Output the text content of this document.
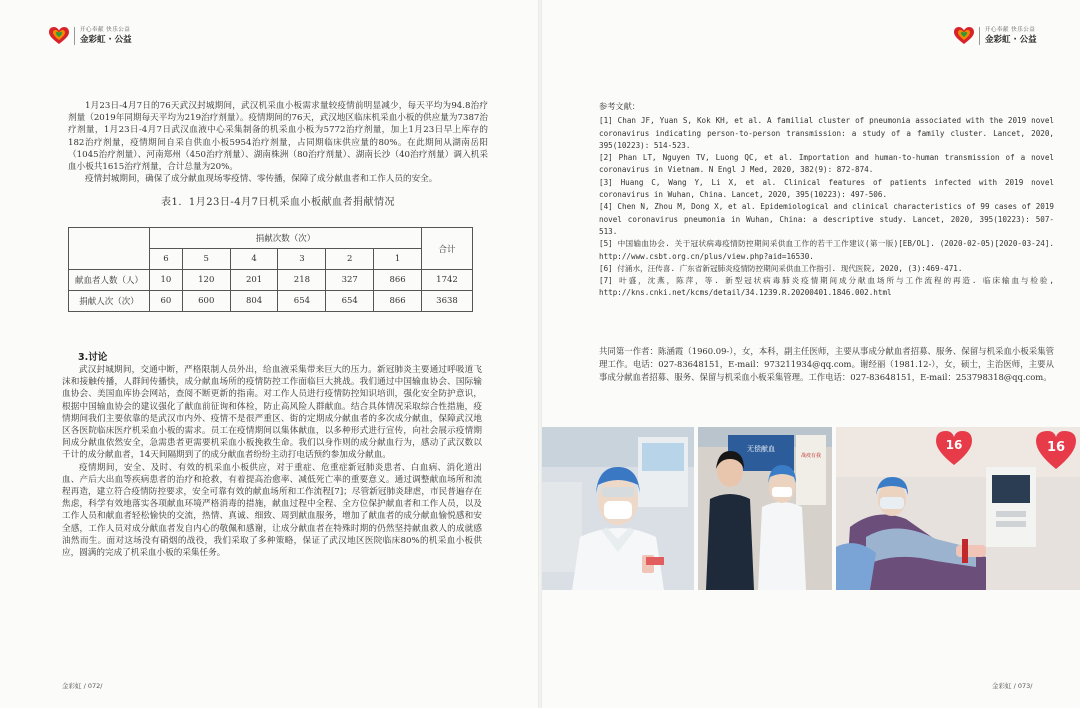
开心奉献 快乐公益
金彩虹 · 公益

1月23日-4月7日的76天武汉封城期间，武汉机采血小板需求量较疫情前明显减少，每天平均为94.8治疗剂量（2019年同期每天平均为219治疗剂量）。疫情期间的76天，武汉地区临床机采血小板的供应量为7387治疗剂量，1月23日-4月7日武汉血液中心采集制备的机采血小板为5772治疗剂量，加上1月23日早上库存的182治疗剂量，疫情期间自采自供血小板5954治疗剂量，占同期临床供应量的80%。在此期间从湖南岳阳（1045治疗剂量）、河南郑州（450治疗剂量）、湖南株洲（80治疗剂量）、湖南长沙（40治疗剂量）调入机采血小板共1615治疗剂量，合计总量为20%。

疫情封城期间，确保了成分献血现场零疫情、零传播，保障了成分献血者和工作人员的安全。

表1．1月23日-4月7日机采血小板献血者捐献情况
	捐献次数（次）						合计
	6	5	4	3	2	1	
献血者人数（人）	10	120	201	218	327	866	1742
捐献人次（次）	60	600	804	654	654	866	3638
3.讨论

武汉封城期间，交通中断，严格限制人员外出，给血液采集带来巨大的压力。新冠肺炎主要通过呼吸道飞沫和接触传播，人群间传播快，成分献血场所的疫情防控工作面临巨大挑战。我们通过中国输血协会、国际输血协会、美国血库协会网站，查阅不断更新的指南。对工作人员进行疫情防控知识培训，强化安全防护意识，根据中国输血协会的建议强化了献血前征询和体检，防止高风险人群献血。结合具体情况采取综合性措施，疫情期间我们主要依靠的是武汉市内外、疫情不是很严重区、街的定期成分献血者的多次成分献血，保障武汉地区各医院临床医疗机采血小板的需求。员工在疫情期间以集体献血，以多种形式进行宣传，向社会展示疫情期间成分献血依然安全，急需患者更需要机采血小板挽救生命。我们以身作则的成分献血行为，感动了武汉数以千计的成分献血者，14天间隔期到了的成分献血者纷纷主动打电话预约参加成分献血。

疫情期间，安全、及时、有效的机采血小板供应，对于重症、危重症新冠肺炎患者、白血病、消化道出血、产后大出血等疾病患者的治疗和抢救，有着提高治愈率、减低死亡率的重要意义。通过调整献血场所和流程再造，建立符合疫情防控要求，安全可靠有效的献血场所和工作流程[7]；尽管新冠肺炎肆虐，市民普遍存在焦虑，科学有效地落实各项献血环境严格消毒的措施，献血过程中全程、全方位保护献血者和工作人员，以及工作人员和献血者轻松愉快的交流，热情、真诚、细致、周到献血服务，增加了献血者的成分献血愉悦感和安全感，工作人员对成分献血者发自内心的敬佩和感谢，让成分献血者在特殊时期的仍然坚持献血救人的成就感油然而生。面对这场没有硝烟的战役，我们采取了多种策略，保证了武汉地区医院临床80%的机采血小板供应，圆满的完成了机采血小板的采集任务。

金彩虹 / 072/
开心奉献 快乐公益
金彩虹 · 公益
参考文献：

[1] Chan JF, Yuan S, Kok KH, et al. A familial cluster of pneumonia associated with the 2019 novel coronavirus indicating person-to-person transmission: a study of a family cluster. Lancet, 2020, 395(10223): 514-523.

[2] Phan LT, Nguyen TV, Luong QC, et al. Importation and human-to-human transmission of a novel coronavirus in Vietnam. N Engl J Med, 2020, 382(9): 872-874.

[3] Huang C, Wang Y, Li X, et al. Clinical features of patients infected with 2019 novel coronavirus in Wuhan, China. Lancet, 2020, 395(10223): 497-506.

[4] Chen N, Zhou M, Dong X, et al. Epidemiological and clinical characteristics of 99 cases of 2019 novel coronavirus pneumonia in Wuhan, China: a descriptive study. Lancet, 2020, 395(10223): 507-513.

[5] 中国输血协会. 关于冠状病毒疫情防控期间采供血工作的若干工作建议(第一版)[EB/OL]. (2020-02-05)[2020-03-24]. http://www.csbt.org.cn/plus/view.php?aid=16530.

[6] 付涌水，汪传喜. 广东省新冠肺炎疫情防控期间采供血工作指引. 现代医院, 2020, (3):469-471.

[7] 叶盛，沈燕，陈萍，等. 新型冠状病毒肺炎疫情期间成分献血场所与工作流程的再造. 临床输血与检验, http://kns.cnki.net/kcms/detail/34.1239.R.20200401.1846.002.html

共同第一作者：陈涵霞（1960.09-），女，本科，副主任医师，主要从事成分献血者招募、服务、保留与机采血小板采集管理工作。电话：027-83648151，E-mail：973211934@qq.com。谢经丽（1981.12-），女，硕士，主治医师，主要从事成分献血者招募、服务、保留与机采血小板采集管理。工作电话：027-83648151，E-mail：253798318@qq.com。
无偿献血
战疫有我
16	16
金彩虹 / 073/
